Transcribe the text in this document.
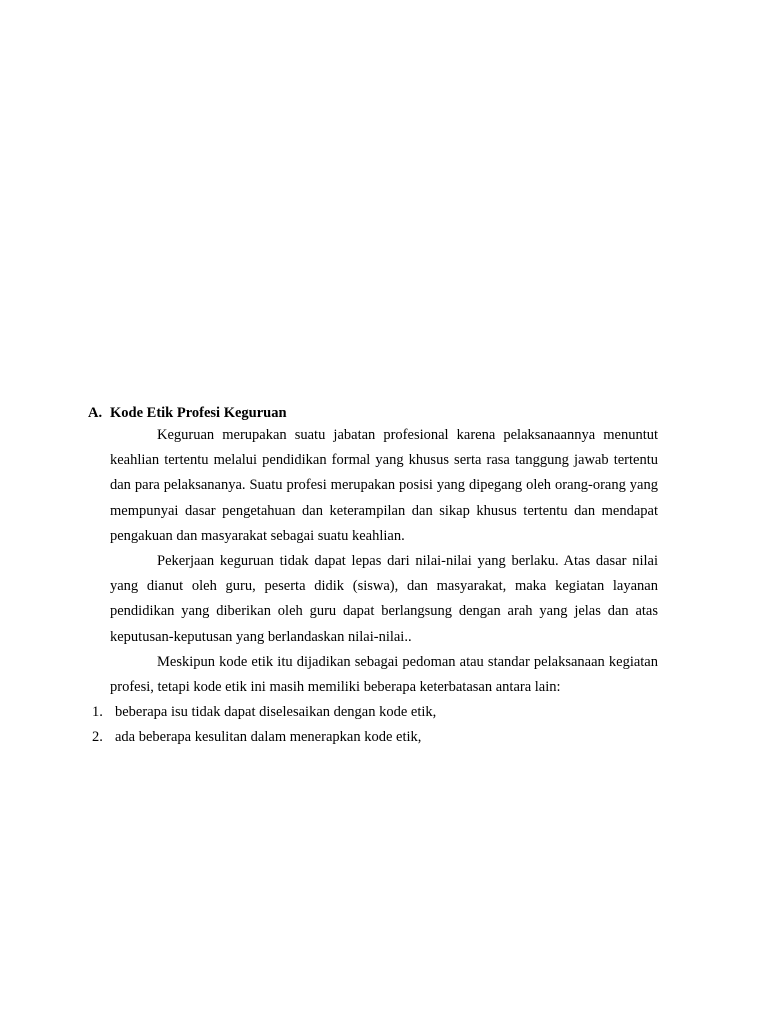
A. Kode Etik Profesi Keguruan

Keguruan merupakan suatu jabatan profesional karena pelaksanaannya menuntut keahlian tertentu melalui pendidikan formal yang khusus serta rasa tanggung jawab tertentu dan para pelaksananya. Suatu profesi merupakan posisi yang dipegang oleh orang-orang yang mempunyai dasar pengetahuan dan keterampilan dan sikap khusus tertentu dan mendapat pengakuan dan masyarakat sebagai suatu keahlian.

Pekerjaan keguruan tidak dapat lepas dari nilai-nilai yang berlaku. Atas dasar nilai yang dianut oleh guru, peserta didik (siswa), dan masyarakat, maka kegiatan layanan pendidikan yang diberikan oleh guru dapat berlangsung dengan arah yang jelas dan atas keputusan-keputusan yang berlandaskan nilai-nilai..

Meskipun kode etik itu dijadikan sebagai pedoman atau standar pelaksanaan kegiatan profesi, tetapi kode etik ini masih memiliki beberapa keterbatasan antara lain:

1. beberapa isu tidak dapat diselesaikan dengan kode etik,
2. ada beberapa kesulitan dalam menerapkan kode etik,
